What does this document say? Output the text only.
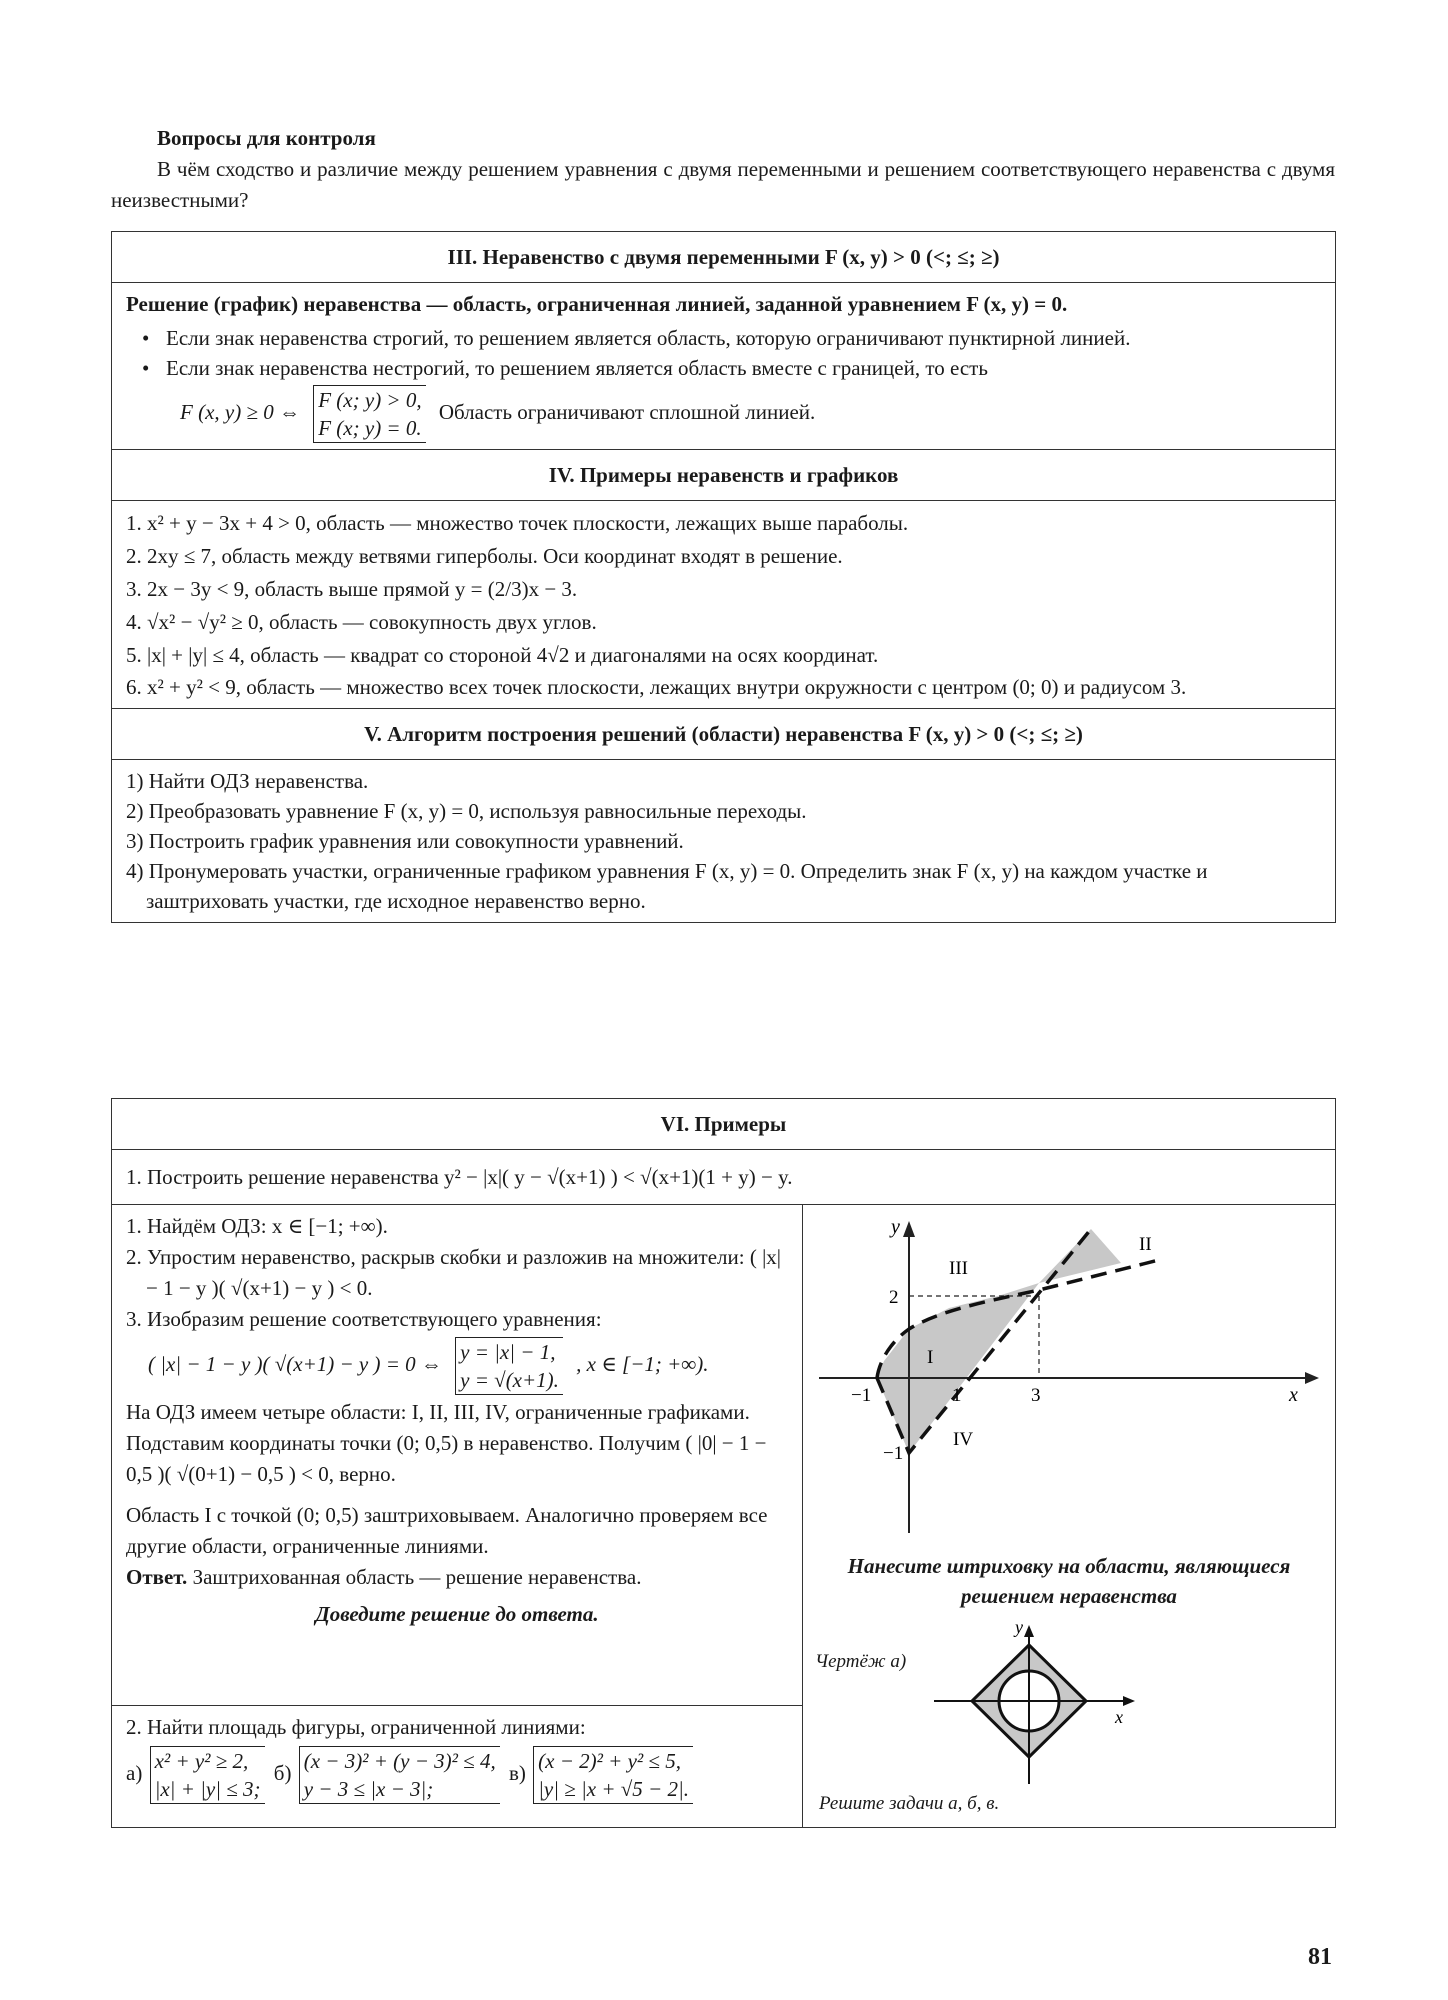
Вопросы для контроля
В чём сходство и различие между решением уравнения с двумя переменными и решением соответствующего неравенства с двумя неизвестными?
III. Неравенство с двумя переменными F (x, y) > 0 (<; ≤; ≥)

Решение (график) неравенства — область, ограниченная линией, заданной уравнением F (x, y) = 0.
• Если знак неравенства строгий, то решением является область, которую ограничивают пунктирной линией.
• Если знак неравенства нестрогий, то решением является область вместе с границей, то есть
F (x, y) ≥ 0 ⇔ F (x; y) > 0,
F (x; y) = 0.
Область ограничивают сплошной линией.

IV. Примеры неравенств и графиков

1. x² + y − 3x + 4 > 0, область — множество точек плоскости, лежащих выше параболы.
2. 2xy ≤ 7, область между ветвями гиперболы. Оси координат входят в решение.
3. 2x − 3y < 9, область выше прямой y = (2/3)x − 3.
4. √x² − √y² ≥ 0, область — совокупность двух углов.
5. |x| + |y| ≤ 4, область — квадрат со стороной 4√2 и диагоналями на осях координат.
6. x² + y² < 9, область — множество всех точек плоскости, лежащих внутри окружности с центром (0; 0) и радиусом 3.

V. Алгоритм построения решений (области) неравенства F (x, y) > 0 (<; ≤; ≥)

1) Найти ОДЗ неравенства.
2) Преобразовать уравнение F (x, y) = 0, используя равносильные переходы.
3) Построить график уравнения или совокупности уравнений.
4) Пронумеровать участки, ограниченные графиком уравнения F (x, y) = 0. Определить знак F (x, y) на каждом участке и заштриховать участки, где исходное неравенство верно.
VI. Примеры
1. Построить решение неравенства y² − |x|( y − √(x+1) ) < √(x+1)(1 + y) − y.

1. Найдём ОДЗ: x ∈ [−1; +∞).
2. Упростим неравенство, раскрыв скобки и разложив на множители: ( |x| − 1 − y )( √(x+1) − y ) < 0.
3. Изобразим решение соответствующего уравнения:
( |x| − 1 − y )( √(x+1) − y ) = 0 ⇔ y = |x| − 1,
y = √(x+1).
, x ∈ [−1; +∞).
На ОДЗ имеем четыре области: I, II, III, IV, ограниченные графиками. Подставим координаты точки (0; 0,5) в неравенство. Получим ( |0| − 1 − 0,5 )( √(0+1) − 0,5 ) < 0, верно.
Область I с точкой (0; 0,5) заштриховываем. Аналогично проверяем все другие области, ограниченные линиями.
Ответ. Заштрихованная область — решение неравенства.
Доведите решение до ответа.

y
x
2
−1	1	3
−1
I
II
III
IV
Нанесите штриховку на области, являющиеся решением неравенства
Чертёж а)
y
x
Решите задачи а, б, в.

2. Найти площадь фигуры, ограниченной линиями:
а) x² + y² ≥ 2,
|x| + |y| ≤ 3;
б) (x − 3)² + (y − 3)² ≤ 4,
y − 3 ≤ |x − 3|;
в) (x − 2)² + y² ≤ 5,
|y| ≥ |x + √5 − 2|.
81
